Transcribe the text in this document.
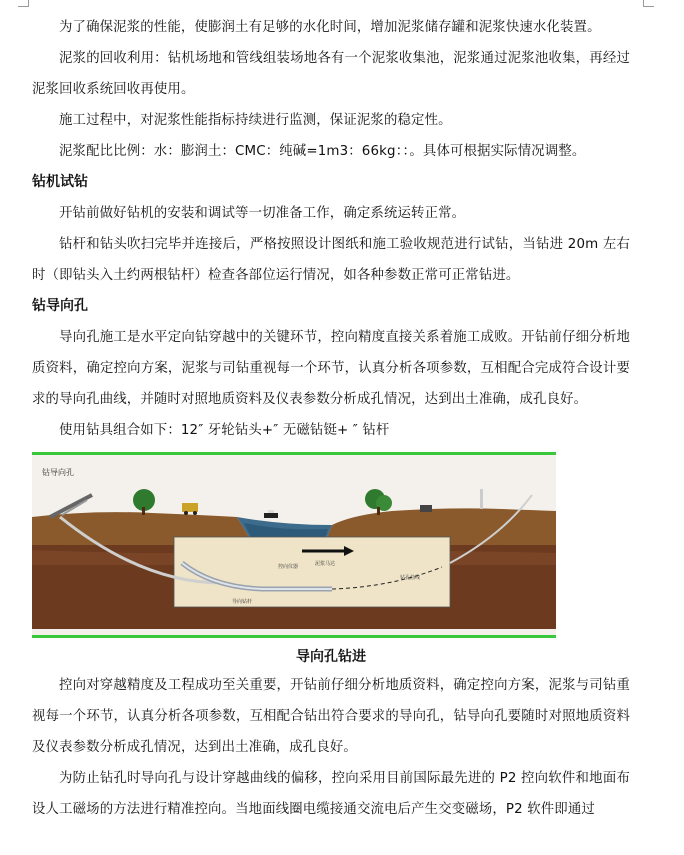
为了确保泥浆的性能，使膨润土有足够的水化时间，增加泥浆储存罐和泥浆快速水化装置。

泥浆的回收利用：钻机场地和管线组装场地各有一个泥浆收集池，泥浆通过泥浆池收集，再经过泥浆回收系统回收再使用。

施工过程中，对泥浆性能指标持续进行监测，保证泥浆的稳定性。

泥浆配比比例：水：膨润土：CMC：纯碱=1m3：66kg：：。具体可根据实际情况调整。

钻机试钻

开钻前做好钻机的安装和调试等一切准备工作，确定系统运转正常。

钻杆和钻头吹扫完毕并连接后，严格按照设计图纸和施工验收规范进行试钻，当钻进 20m 左右时（即钻头入土约两根钻杆）检查各部位运行情况，如各种参数正常可正常钻进。

钻导向孔

导向孔施工是水平定向钻穿越中的关键环节，控向精度直接关系着施工成败。开钻前仔细分析地质资料，确定控向方案，泥浆与司钻重视每一个环节，认真分析各项参数，互相配合完成符合设计要求的导向孔曲线，并随时对照地质资料及仪表参数分析成孔情况，达到出土准确，成孔良好。

使用钻具组合如下：12″ 牙轮钻头+″ 无磁钻铤+ ″ 钻杆

控向仪器	泥浆马达
钻孔曲线
导向钻杆
钻导向孔
导向孔钻进

控向对穿越精度及工程成功至关重要，开钻前仔细分析地质资料，确定控向方案，泥浆与司钻重视每一个环节，认真分析各项参数，互相配合钻出符合要求的导向孔，钻导向孔要随时对照地质资料及仪表参数分析成孔情况，达到出土准确，成孔良好。

为防止钻孔时导向孔与设计穿越曲线的偏移，控向采用目前国际最先进的 P2 控向软件和地面布设人工磁场的方法进行精准控向。当地面线圈电缆接通交流电后产生交变磁场，P2 软件即通过
